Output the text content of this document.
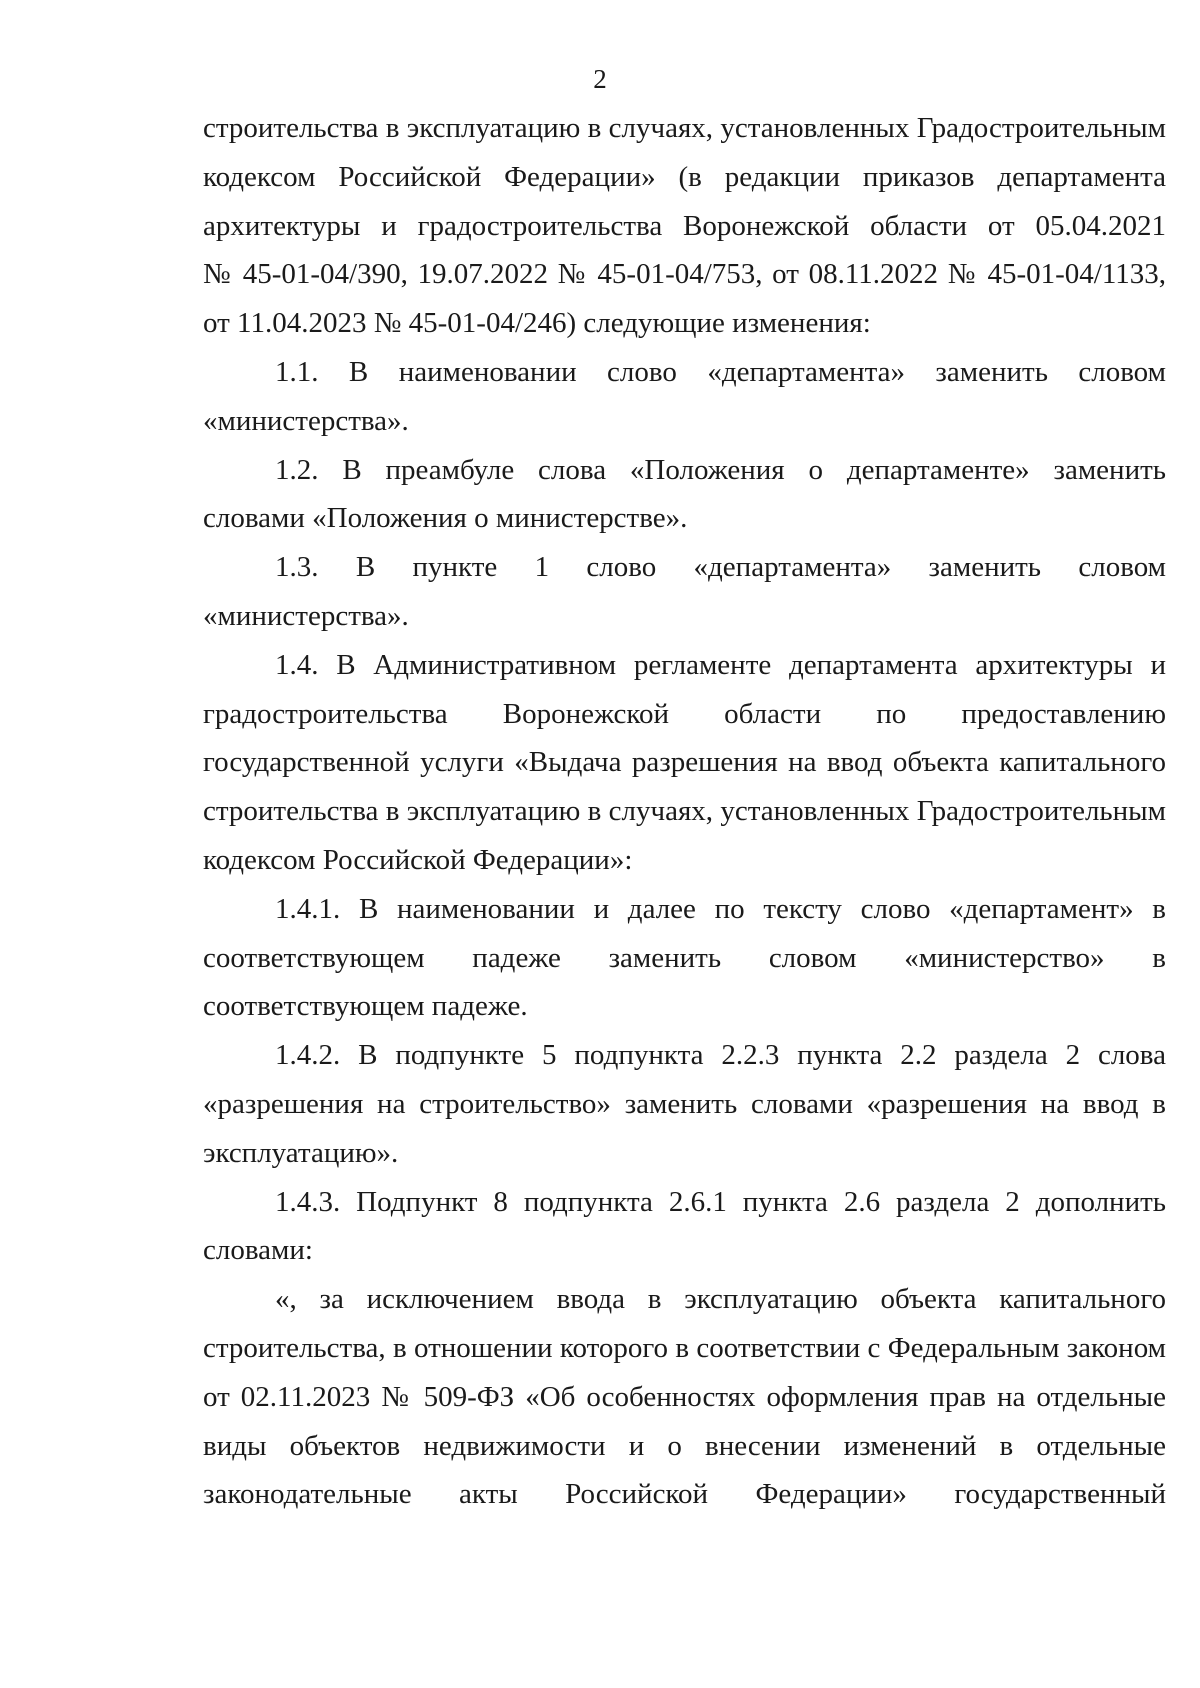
2
строительства в эксплуатацию в случаях, установленных Градостроительным
кодексом Российской Федерации» (в редакции приказов департамента
архитектуры и градостроительства Воронежской области от 05.04.2021
№ 45-01-04/390, 19.07.2022 № 45-01-04/753, от 08.11.2022 № 45-01-04/1133,
от 11.04.2023 № 45-01-04/246) следующие изменения:
1.1. В наименовании слово «департамента» заменить словом
«министерства».
1.2. В преамбуле слова «Положения о департаменте» заменить
словами «Положения о министерстве».
1.3. В пункте 1 слово «департамента» заменить словом
«министерства».
1.4. В Административном регламенте департамента архитектуры и
градостроительства Воронежской области по предоставлению
государственной услуги «Выдача разрешения на ввод объекта капитального
строительства в эксплуатацию в случаях, установленных Градостроительным
кодексом Российской Федерации»:
1.4.1. В наименовании и далее по тексту слово «департамент» в
соответствующем падеже заменить словом «министерство» в
соответствующем падеже.
1.4.2. В подпункте 5 подпункта 2.2.3 пункта 2.2 раздела 2 слова
«разрешения на строительство» заменить словами «разрешения на ввод в
эксплуатацию».
1.4.3. Подпункт 8 подпункта 2.6.1 пункта 2.6 раздела 2 дополнить
словами:
«, за исключением ввода в эксплуатацию объекта капитального
строительства, в отношении которого в соответствии с Федеральным законом
от 02.11.2023 № 509-ФЗ «Об особенностях оформления прав на отдельные
виды объектов недвижимости и о внесении изменений в отдельные
законодательные акты Российской Федерации» государственный
